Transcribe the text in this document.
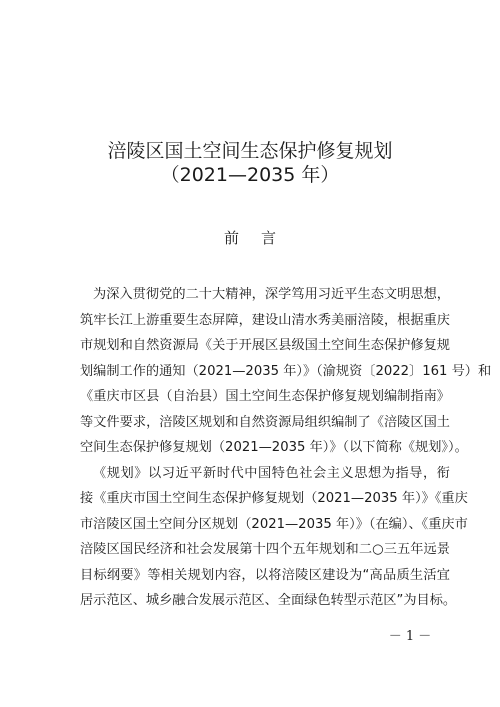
涪陵区国土空间生态保护修复规划
（2021—2035 年）
前言
为深入贯彻党的二十大精神，深学笃用习近平生态文明思想，
筑牢长江上游重要生态屏障，建设山清水秀美丽涪陵，根据重庆
市规划和自然资源局《关于开展区县级国土空间生态保护修复规
划编制工作的通知（2021—2035 年）》（渝规资〔2022〕161 号）和
《重庆市区县（自治县）国土空间生态保护修复规划编制指南》
等文件要求，涪陵区规划和自然资源局组织编制了《涪陵区国土
空间生态保护修复规划（2021—2035 年）》（以下简称《规划》）。
《规划》以习近平新时代中国特色社会主义思想为指导，衔
接《重庆市国土空间生态保护修复规划（2021—2035 年）》《重庆
市涪陵区国土空间分区规划（2021—2035 年）》（在编）、《重庆市
涪陵区国民经济和社会发展第十四个五年规划和二○三五年远景
目标纲要》等相关规划内容，以将涪陵区建设为“高品质生活宜
居示范区、城乡融合发展示范区、全面绿色转型示范区”为目标。
－ 1 －
